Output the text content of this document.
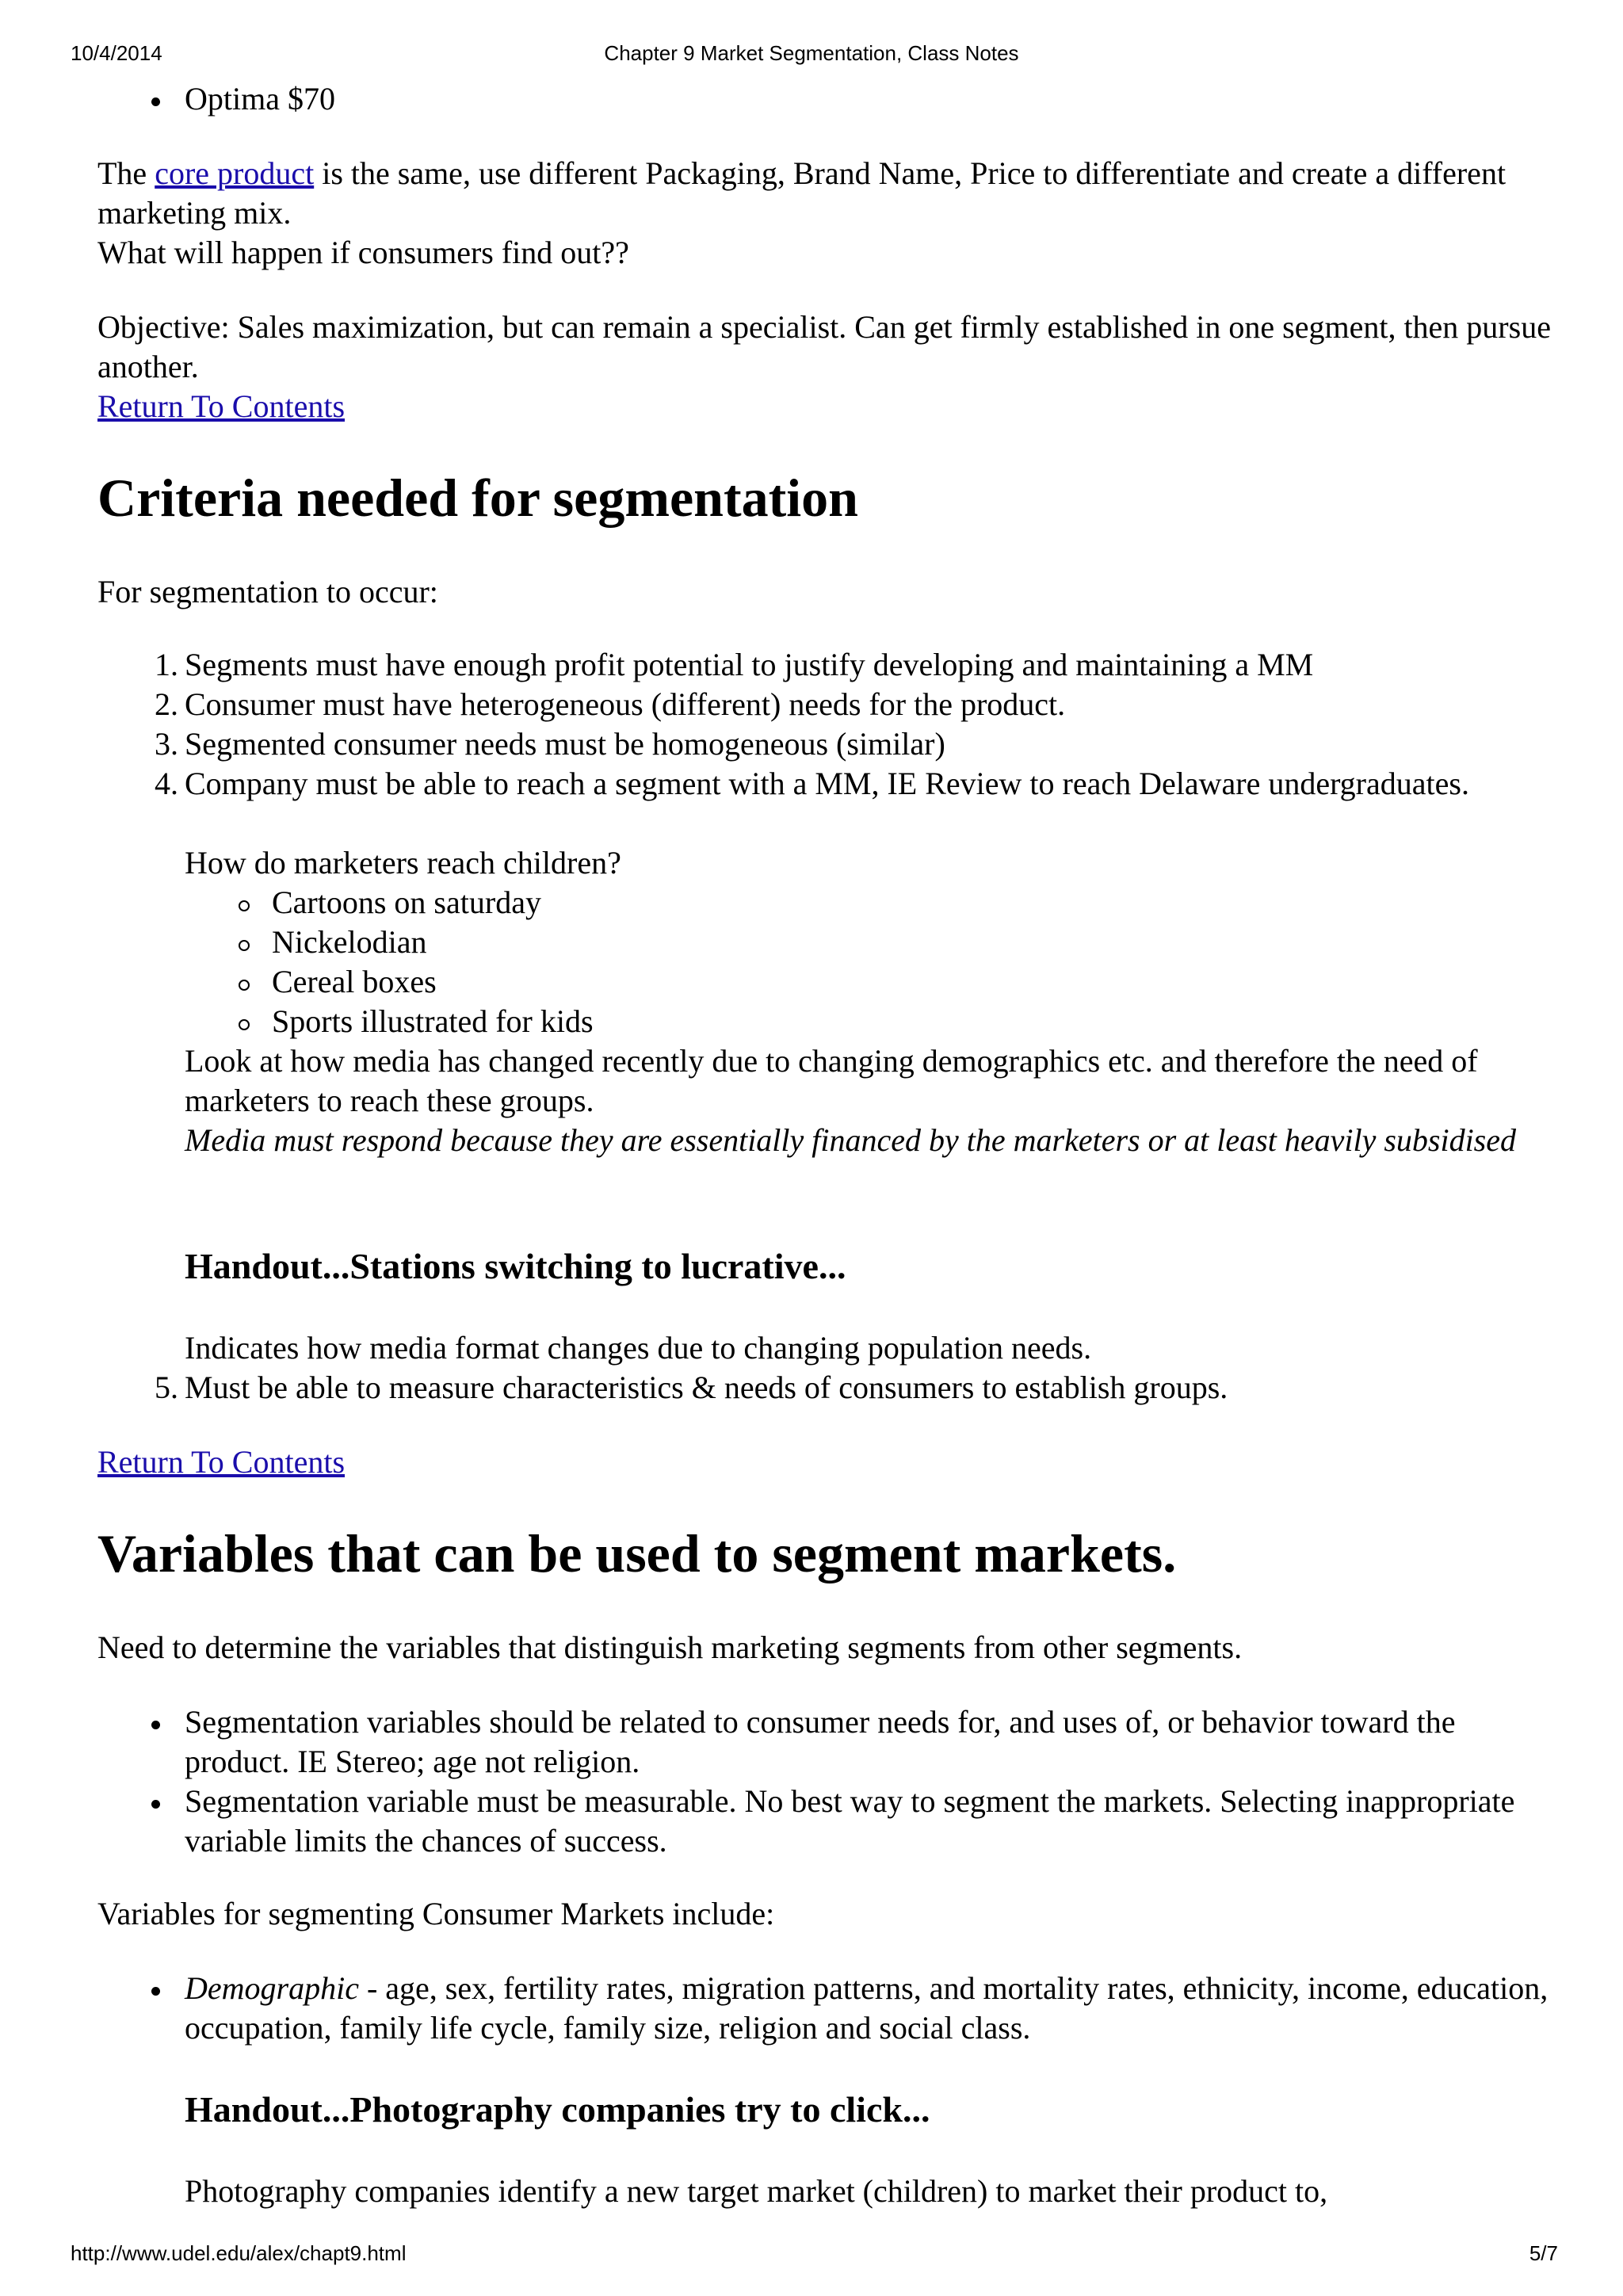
10/4/2014	Chapter 9 Market Segmentation, Class Notes
Optima $70

The core product is the same, use different Packaging, Brand Name, Price to differentiate and create a different marketing mix.
What will happen if consumers find out??

Objective: Sales maximization, but can remain a specialist. Can get firmly established in one segment, then pursue another.
Return To Contents

Criteria needed for segmentation

For segmentation to occur:

1. Segments must have enough profit potential to justify developing and maintaining a MM
2. Consumer must have heterogeneous (different) needs for the product.
3. Segmented consumer needs must be homogeneous (similar)
4. Company must be able to reach a segment with a MM, IE Review to reach Delaware undergraduates.
How do marketers reach children?
Cartoons on saturday
Nickelodian
Cereal boxes
Sports illustrated for kids

Look at how media has changed recently due to changing demographics etc. and therefore the need of marketers to reach these groups.
Media must respond because they are essentially financed by the marketers or at least heavily subsidised

Handout...Stations switching to lucrative...

Indicates how media format changes due to changing population needs.

5. Must be able to measure characteristics & needs of consumers to establish groups.

Return To Contents

Variables that can be used to segment markets.

Need to determine the variables that distinguish marketing segments from other segments.

Segmentation variables should be related to consumer needs for, and uses of, or behavior toward the product. IE Stereo; age not religion.
Segmentation variable must be measurable. No best way to segment the markets. Selecting inappropriate variable limits the chances of success.

Variables for segmenting Consumer Markets include:

Demographic - age, sex, fertility rates, migration patterns, and mortality rates, ethnicity, income, education, occupation, family life cycle, family size, religion and social class.
Handout...Photography companies try to click...

Photography companies identify a new target market (children) to market their product to,

http://www.udel.edu/alex/chapt9.html	5/7
